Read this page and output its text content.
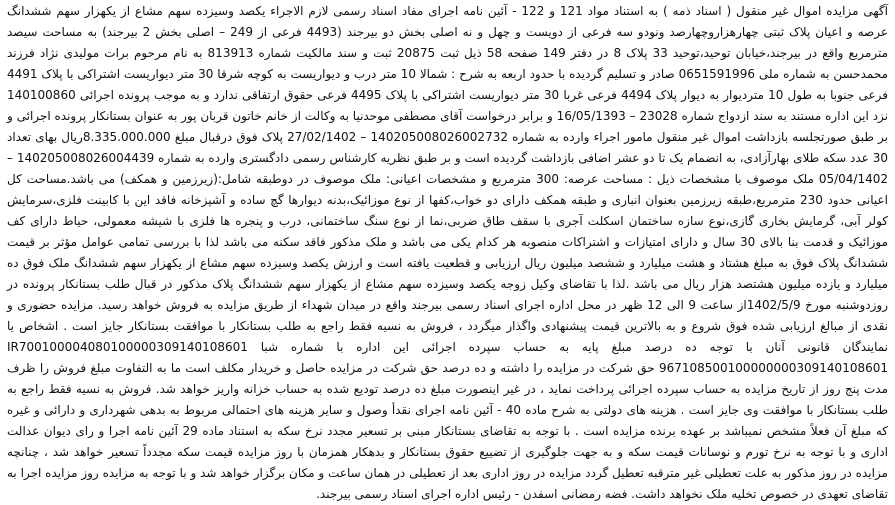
آگهی مزایده اموال غیر منقول ( اسناد ذمه ) به استناد مواد 121 و 122 - آئین نامه اجرای مفاد اسناد رسمی لازم الاجراء یکصد وسیزده سهم مشاع از یکهزار سهم ششدانگ عرصه و اعیان پلاک ثبتی چهارهزاروچهارصد ونودو سه فرعی از دویست و چهل و نه اصلی بخش دو بیرجند (4493 فرعی از 249 – اصلی بخش 2 بیرجند) به مساحت سیصد مترمربع واقع در بیرجند،خیابان توحید،توحید 33 پلاک 8 در دفتر 149 صفحه 58 ذیل ثبت 20875 ثبت و سند مالکیت شماره 813913 به نام مرحوم برات مولیدی نژاد فرزند محمدحسن به شماره ملی 0651591996 صادر و تسلیم گردیده با حدود اربعه به شرح : شمالا 10 متر درب و دیواریست به کوچه شرقا 30 متر دیواریست اشتراکی با پلاک 4491 فرعی جنوبا به طول 10 مترديوار به ديوار پلاک 4494 فرعی غربا 30 متر ديواريست اشتراکی با پلاک 4495 فرعی حقوق ارتفاقی ندارد و به موجب پرونده اجرائی 140100860 نزد این اداره مستند به سند ازدواج شماره 23028 – 16/05/1393 و برابر درخواست آقای مصطفی موحدنیا به وکالت از خانم خاتون قربان پور به عنوان بستانکار پرونده اجرائی و بر طبق صورتجلسه بازداشت اموال غیر منقول مامور اجراء وارده به شماره 140205008026002732 – 27/02/1402 پلاک فوق درقبال مبلغ 8.335.000.000ریال بهای تعداد 30 عدد سکه طلای بهارآزادی، به انضمام یک تا دو عشر اضافی بازداشت گردیده است و بر طبق نظریه کارشناس رسمی دادگستری وارده به شماره 140205008026004439 – 05/04/1402 ملک موصوف با مشخصات ذیل : مساحت عرصه: 300 مترمربع و مشخصات اعیانی: ملک موصوف در دوطبقه شامل:(زیرزمین و همکف) می باشد.مساحت کل اعیانی حدود 230 مترمربع،طبقه زیرزمین بعنوان انباری و طبقه همکف دارای دو خواب،کفها از نوع موزائیک،بدنه دیوارها گچ ساده و آشپزخانه فاقد این با کابینت فلزی،سرمایش کولر آبی، گرمایش بخاری گازی،نوع سازه ساختمان اسکلت آجری با سقف طاق ضربی،نما از نوع سنگ ساختمانی، درب و پنجره ها فلزی با شیشه معمولی، حیاط دارای کف موزائیک و قدمت بنا بالای 30 سال و دارای امتیازات و اشتراکات منصوبه هر کدام یکی می باشد و ملک مذکور فاقد سکنه می باشد لذا با بررسی تمامی عوامل مؤثر بر قیمت ششدانگ پلاک فوق به مبلغ هشتاد و هشت میلیارد و ششصد میلیون ریال ارزیابی و قطعیت یافته است و ارزش یکصد وسیزده سهم مشاع از یکهزار سهم ششدانگ ملک فوق ده میلیارد و یازده میلیون هشتصد هزار ریال می باشد .لذا با تقاضای وکیل زوجه یکصد وسیزده سهم مشاع از یکهزار سهم ششدانگ پلاک مذکور در قبال طلب بستانکار پرونده در روزدوشنبه مورخ 1402/5/9از ساعت 9 الی 12 ظهر در محل اداره اجرای اسناد رسمی بیرجند واقع در میدان شهداء از طریق مزایده به فروش خواهد رسید. مزایده حضوری و نقدی از مبالغ ارزیابی شده فوق شروع و به بالاترین قیمت پیشنهادی واگذار میگردد ، فروش به نسیه فقط راجع به طلب بستانکار با موافقت بستانکار جایز است . اشخاص یا نمایندگان قانونی آنان با توجه ده درصد مبلغ پایه به حساب سپرده اجرائی این اداره با شماره شبا IR700100004080100000309140108601 967108500100000000309140108601 حق شرکت در مزایده را داشته و ده درصد حق شرکت در مزایده حاصل و خریدار مکلف است ما به التفاوت مبلغ فروش را ظرف مدت پنج روز از تاریخ مزایده به حساب سپرده اجرائی پرداخت نماید ، در غیر اینصورت مبلغ ده درصد تودیع شده به حساب خزانه واریز خواهد شد. فروش به نسیه فقط راجع به طلب بستانکار با موافقت وی جایز است . هزینه های دولتی به شرح ماده 40 - آئین نامه اجرای نقدأ وصول و سایر هزینه های احتمالی مربوط به بدهی شهرداری و دارائی و غیره که مبلغ آن فعلاً مشخص نمیباشد بر عهده برنده مزایده است . با توجه به تقاضای بستانکار مبنی بر تسعیر مجدد نرخ سکه به استناد ماده 29 آئین نامه اجرا و رای دیوان عدالت اداری و با توجه به نرخ تورم و نوسانات قیمت سکه و به جهت جلوگیری از تضییع حقوق بستانکار و بدهکار همزمان با روز مزایده قیمت سکه مجدداً تسعیر خواهد شد ، چنانچه مزایده در روز مذکور به علت تعطیلی غیر مترقبه تعطیل گردد مزایده در روز اداری بعد از تعطیلی در همان ساعت و مکان برگزار خواهد شد و با توجه به مزایده روز مزایده اجرا به تقاضای تعهدی در خصوص تخلیه ملک نخواهد داشت. فضه رمضانی اسفدن - رئیس اداره اجرای اسناد رسمی بیرجند.
